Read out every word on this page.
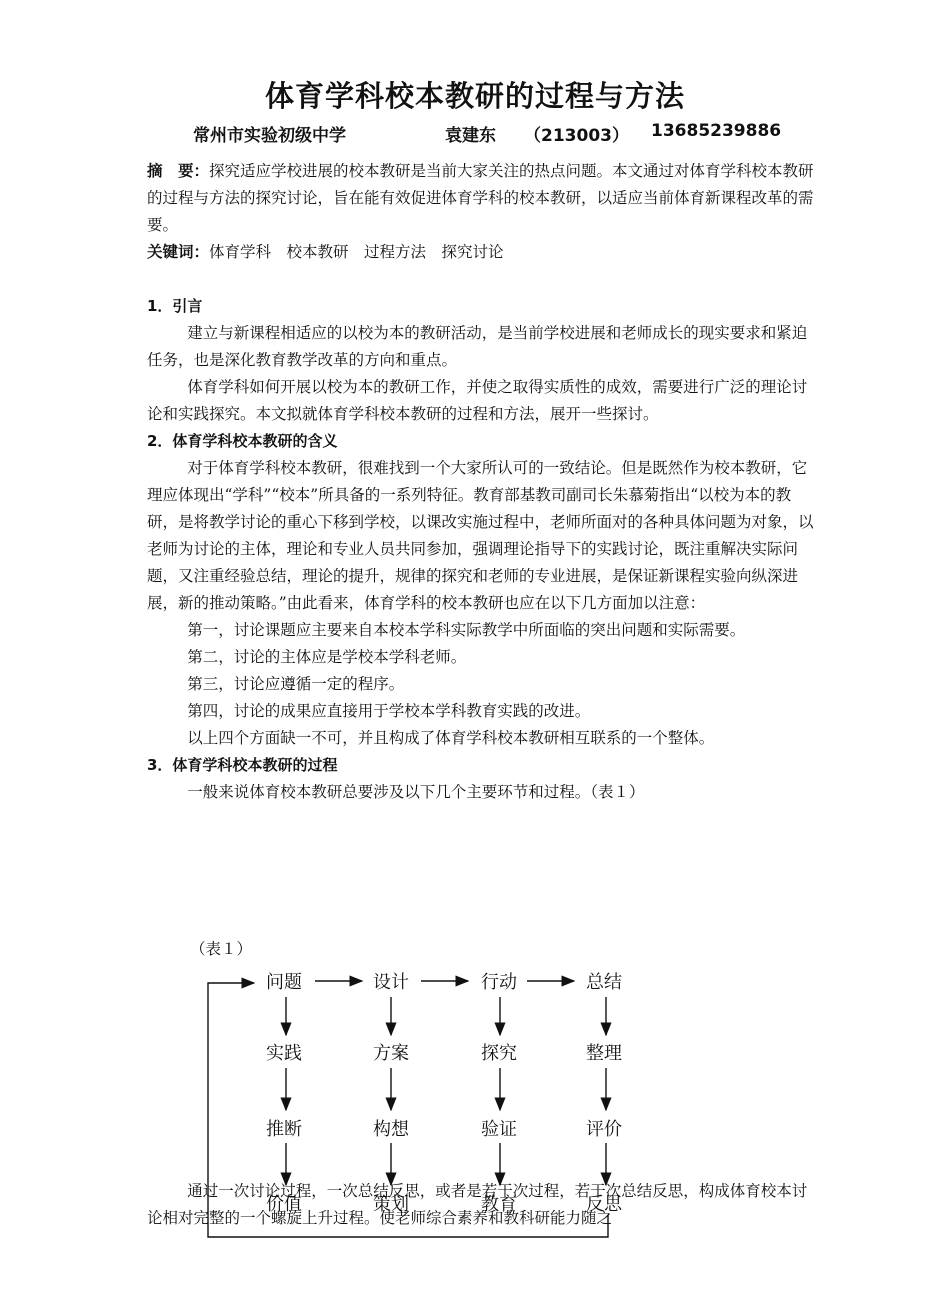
体育学科校本教研的过程与方法
常州市实验初级中学	袁建东 （213003） 13685239886

摘　要：探究适应学校进展的校本教研是当前大家关注的热点问题。本文通过对体育学科校本教研的过程与方法的探究讨论，旨在能有效促进体育学科的校本教研，以适应当前体育新课程改革的需要。

关键词：体育学科　校本教研　过程方法　探究讨论

1．引言

建立与新课程相适应的以校为本的教研活动，是当前学校进展和老师成长的现实要求和紧迫任务，也是深化教育教学改革的方向和重点。

体育学科如何开展以校为本的教研工作，并使之取得实质性的成效，需要进行广泛的理论讨论和实践探究。本文拟就体育学科校本教研的过程和方法，展开一些探讨。

2．体育学科校本教研的含义

对于体育学科校本教研，很难找到一个大家所认可的一致结论。但是既然作为校本教研，它理应体现出“学科”“校本”所具备的一系列特征。教育部基教司副司长朱慕菊指出“以校为本的教研，是将教学讨论的重心下移到学校，以课改实施过程中，老师所面对的各种具体问题为对象，以老师为讨论的主体，理论和专业人员共同参加，强调理论指导下的实践讨论，既注重解决实际问题，又注重经验总结，理论的提升，规律的探究和老师的专业进展，是保证新课程实验向纵深进展，新的推动策略。”由此看来，体育学科的校本教研也应在以下几方面加以注意：

第一，讨论课题应主要来自本校本学科实际教学中所面临的突出问题和实际需要。

第二，讨论的主体应是学校本学科老师。

第三，讨论应遵循一定的程序。

第四，讨论的成果应直接用于学校本学科教育实践的改进。

以上四个方面缺一不可，并且构成了体育学科校本教研相互联系的一个整体。

3．体育学科校本教研的过程

一般来说体育校本教研总要涉及以下几个主要环节和过程。（表１）

（表１）
问题
实践
推断
价值
设计
方案
构想
策划
行动
探究
验证
教育
总结
整理
评价
反思

通过一次讨论过程，一次总结反思，或者是若干次过程，若干次总结反思，构成体育校本讨论相对完整的一个螺旋上升过程。使老师综合素养和教科研能力随之
